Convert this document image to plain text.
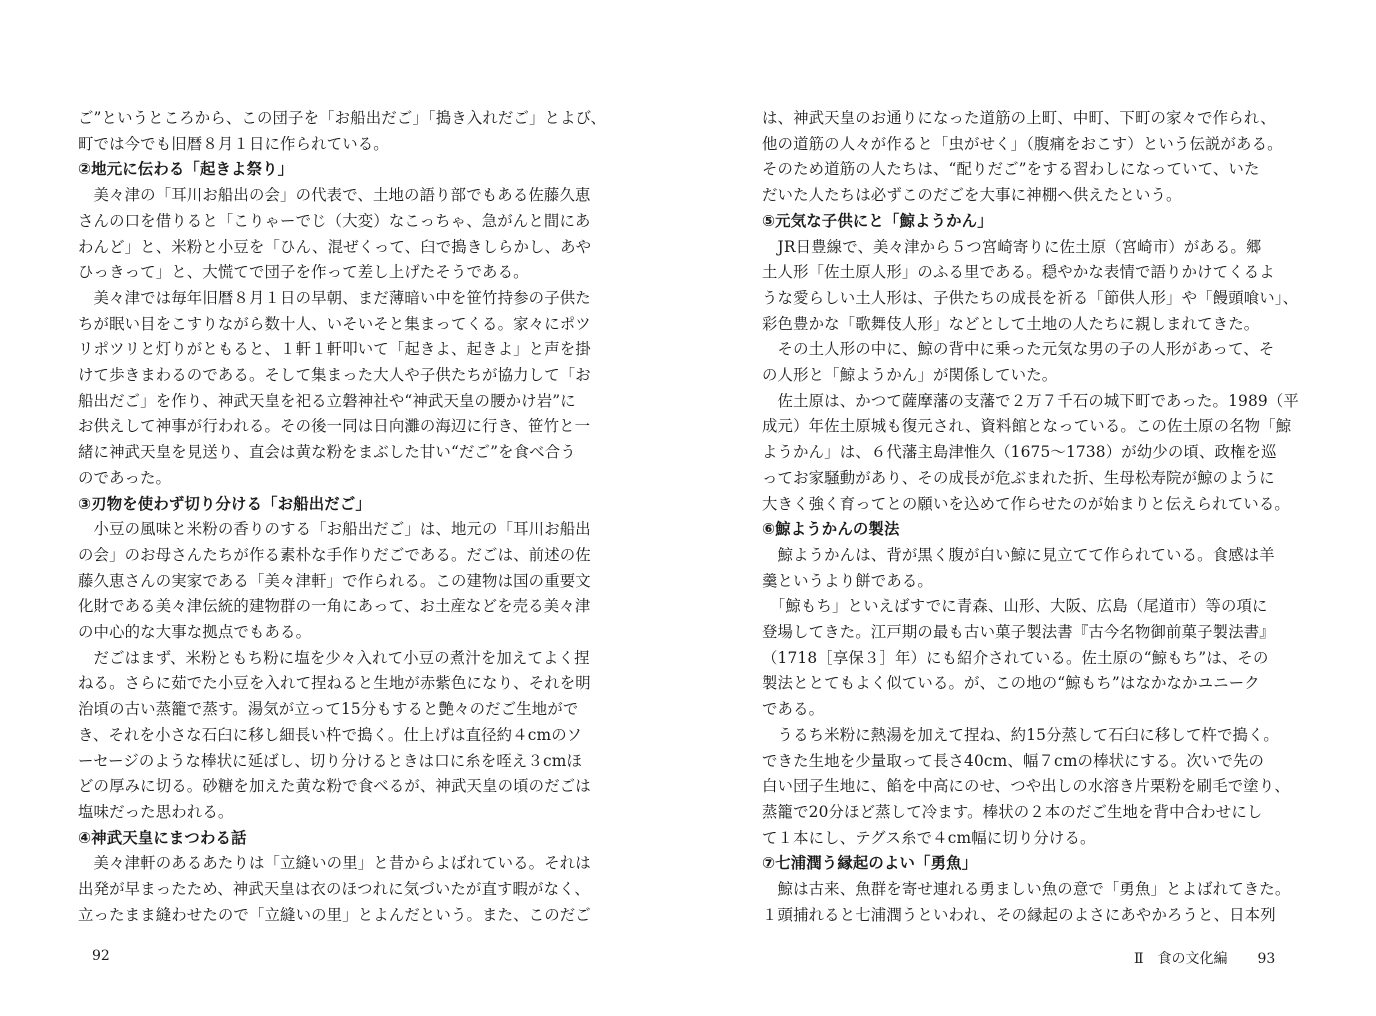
ご”というところから、この団子を「お船出だご」「搗き入れだご」とよび、
町では今でも旧暦８月１日に作られている。
②地元に伝わる「起きよ祭り」
　美々津の「耳川お船出の会」の代表で、土地の語り部でもある佐藤久恵
さんの口を借りると「こりゃーでじ（大変）なこっちゃ、急がんと間にあ
わんど」と、米粉と小豆を「ひん、混ぜくって、臼で搗きしらかし、あや
ひっきって」と、大慌てで団子を作って差し上げたそうである。
　美々津では毎年旧暦８月１日の早朝、まだ薄暗い中を笹竹持参の子供た
ちが眠い目をこすりながら数十人、いそいそと集まってくる。家々にポツ
リポツリと灯りがともると、１軒１軒叩いて「起きよ、起きよ」と声を掛
けて歩きまわるのである。そして集まった大人や子供たちが協力して「お
船出だご」を作り、神武天皇を祀る立磐神社や“神武天皇の腰かけ岩”に
お供えして神事が行われる。その後一同は日向灘の海辺に行き、笹竹と一
緒に神武天皇を見送り、直会は黄な粉をまぶした甘い“だご”を食べ合う
のであった。
③刃物を使わず切り分ける「お船出だご」
　小豆の風味と米粉の香りのする「お船出だご」は、地元の「耳川お船出
の会」のお母さんたちが作る素朴な手作りだごである。だごは、前述の佐
藤久恵さんの実家である「美々津軒」で作られる。この建物は国の重要文
化財である美々津伝統的建物群の一角にあって、お土産などを売る美々津
の中心的な大事な拠点でもある。
　だごはまず、米粉ともち粉に塩を少々入れて小豆の煮汁を加えてよく捏
ねる。さらに茹でた小豆を入れて捏ねると生地が赤紫色になり、それを明
治頃の古い蒸籠で蒸す。湯気が立って15分もすると艶々のだご生地がで
き、それを小さな石臼に移し細長い杵で搗く。仕上げは直径約４cmのソ
ーセージのような棒状に延ばし、切り分けるときは口に糸を咥え３cmほ
どの厚みに切る。砂糖を加えた黄な粉で食べるが、神武天皇の頃のだごは
塩味だった思われる。
④神武天皇にまつわる話
　美々津軒のあるあたりは「立縫いの里」と昔からよばれている。それは
出発が早まったため、神武天皇は衣のほつれに気づいたが直す暇がなく、
立ったまま縫わせたので「立縫いの里」とよんだという。また、このだご
は、神武天皇のお通りになった道筋の上町、中町、下町の家々で作られ、
他の道筋の人々が作ると「虫がせく」（腹痛をおこす）という伝説がある。
そのため道筋の人たちは、“配りだご”をする習わしになっていて、いた
だいた人たちは必ずこのだごを大事に神棚へ供えたという。
⑤元気な子供にと「鯨ようかん」
　JR日豊線で、美々津から５つ宮崎寄りに佐土原（宮崎市）がある。郷
土人形「佐土原人形」のふる里である。穏やかな表情で語りかけてくるよ
うな愛らしい土人形は、子供たちの成長を祈る「節供人形」や「饅頭喰い」、
彩色豊かな「歌舞伎人形」などとして土地の人たちに親しまれてきた。
　その土人形の中に、鯨の背中に乗った元気な男の子の人形があって、そ
の人形と「鯨ようかん」が関係していた。
　佐土原は、かつて薩摩藩の支藩で２万７千石の城下町であった。1989（平
成元）年佐土原城も復元され、資料館となっている。この佐土原の名物「鯨
ようかん」は、６代藩主島津惟久（1675～1738）が幼少の頃、政権を巡
ってお家騒動があり、その成長が危ぶまれた折、生母松寿院が鯨のように
大きく強く育ってとの願いを込めて作らせたのが始まりと伝えられている。
⑥鯨ようかんの製法
　鯨ようかんは、背が黒く腹が白い鯨に見立てて作られている。食感は羊
羹というより餅である。
　「鯨もち」といえばすでに青森、山形、大阪、広島（尾道市）等の項に
登場してきた。江戸期の最も古い菓子製法書『古今名物御前菓子製法書』
（1718［享保３］年）にも紹介されている。佐土原の“鯨もち”は、その
製法ととてもよく似ている。が、この地の“鯨もち”はなかなかユニーク
である。
　うるち米粉に熱湯を加えて捏ね、約15分蒸して石臼に移して杵で搗く。
できた生地を少量取って長さ40cm、幅７cmの棒状にする。次いで先の
白い団子生地に、餡を中高にのせ、つや出しの水溶き片栗粉を刷毛で塗り、
蒸籠で20分ほど蒸して冷ます。棒状の２本のだご生地を背中合わせにし
て１本にし、テグス糸で４cm幅に切り分ける。
⑦七浦潤う縁起のよい「勇魚」
　鯨は古来、魚群を寄せ連れる勇ましい魚の意で「勇魚」とよばれてきた。
１頭捕れると七浦潤うといわれ、その縁起のよさにあやかろうと、日本列
92	Ⅱ 食の文化編 93
